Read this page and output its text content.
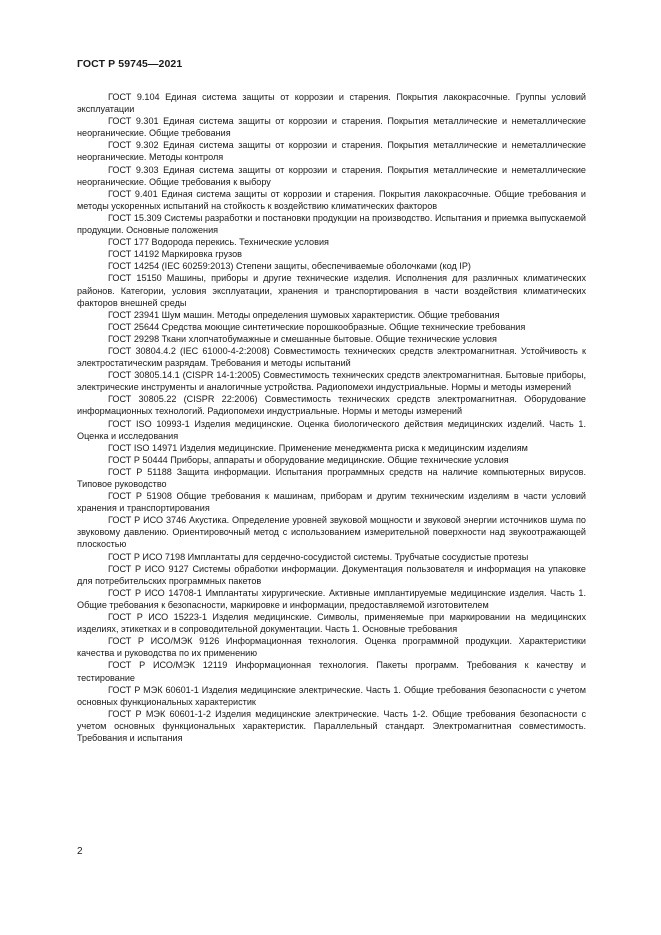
ГОСТ Р 59745—2021

ГОСТ 9.104 Единая система защиты от коррозии и старения. Покрытия лакокрасочные. Группы условий эксплуатации

ГОСТ 9.301 Единая система защиты от коррозии и старения. Покрытия металлические и неметаллические неорганические. Общие требования

ГОСТ 9.302 Единая система защиты от коррозии и старения. Покрытия металлические и неметаллические неорганические. Методы контроля

ГОСТ 9.303 Единая система защиты от коррозии и старения. Покрытия металлические и неметаллические неорганические. Общие требования к выбору

ГОСТ 9.401 Единая система защиты от коррозии и старения. Покрытия лакокрасочные. Общие требования и методы ускоренных испытаний на стойкость к воздействию климатических факторов

ГОСТ 15.309 Системы разработки и постановки продукции на производство. Испытания и приемка выпускаемой продукции. Основные положения

ГОСТ 177 Водорода перекись. Технические условия

ГОСТ 14192 Маркировка грузов

ГОСТ 14254 (IEC 60259:2013) Степени защиты, обеспечиваемые оболочками (код IP)

ГОСТ 15150 Машины, приборы и другие технические изделия. Исполнения для различных климатических районов. Категории, условия эксплуатации, хранения и транспортирования в части воздействия климатических факторов внешней среды

ГОСТ 23941 Шум машин. Методы определения шумовых характеристик. Общие требования

ГОСТ 25644 Средства моющие синтетические порошкообразные. Общие технические требования

ГОСТ 29298 Ткани хлопчатобумажные и смешанные бытовые. Общие технические условия

ГОСТ 30804.4.2 (IEC 61000-4-2:2008) Совместимость технических средств электромагнитная. Устойчивость к электростатическим разрядам. Требования и методы испытаний

ГОСТ 30805.14.1 (CISPR 14-1:2005) Совместимость технических средств электромагнитная. Бытовые приборы, электрические инструменты и аналогичные устройства. Радиопомехи индустриальные. Нормы и методы измерений

ГОСТ 30805.22 (CISPR 22:2006) Совместимость технических средств электромагнитная. Оборудование информационных технологий. Радиопомехи индустриальные. Нормы и методы измерений

ГОСТ ISO 10993-1 Изделия медицинские. Оценка биологического действия медицинских изделий. Часть 1. Оценка и исследования

ГОСТ ISO 14971 Изделия медицинские. Применение менеджмента риска к медицинским изделиям

ГОСТ Р 50444 Приборы, аппараты и оборудование медицинские. Общие технические условия

ГОСТ Р 51188 Защита информации. Испытания программных средств на наличие компьютерных вирусов. Типовое руководство

ГОСТ Р 51908 Общие требования к машинам, приборам и другим техническим изделиям в части условий хранения и транспортирования

ГОСТ Р ИСО 3746 Акустика. Определение уровней звуковой мощности и звуковой энергии источников шума по звуковому давлению. Ориентировочный метод с использованием измерительной поверхности над звукоотражающей плоскостью

ГОСТ Р ИСО 7198 Имплантаты для сердечно-сосудистой системы. Трубчатые сосудистые протезы

ГОСТ Р ИСО 9127 Системы обработки информации. Документация пользователя и информация на упаковке для потребительских программных пакетов

ГОСТ Р ИСО 14708-1 Имплантаты хирургические. Активные имплантируемые медицинские изделия. Часть 1. Общие требования к безопасности, маркировке и информации, предоставляемой изготовителем

ГОСТ Р ИСО 15223-1 Изделия медицинские. Символы, применяемые при маркировании на медицинских изделиях, этикетках и в сопроводительной документации. Часть 1. Основные требования

ГОСТ Р ИСО/МЭК 9126 Информационная технология. Оценка программной продукции. Характеристики качества и руководства по их применению

ГОСТ Р ИСО/МЭК 12119 Информационная технология. Пакеты программ. Требования к качеству и тестирование

ГОСТ Р МЭК 60601-1 Изделия медицинские электрические. Часть 1. Общие требования безопасности с учетом основных функциональных характеристик

ГОСТ Р МЭК 60601-1-2 Изделия медицинские электрические. Часть 1-2. Общие требования безопасности с учетом основных функциональных характеристик. Параллельный стандарт. Электромагнитная совместимость. Требования и испытания

2
